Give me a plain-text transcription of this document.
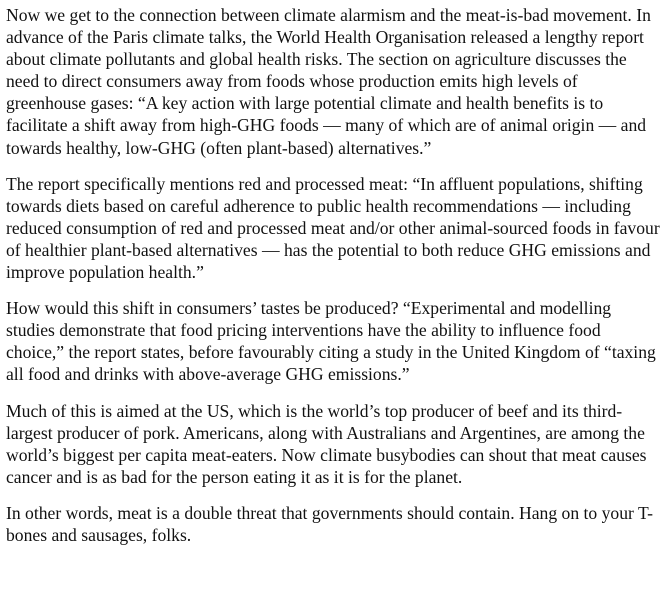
Now we get to the connection between climate alarmism and the meat-is-bad movement. In advance of the Paris climate talks, the World Health Organisation released a lengthy report about climate pollutants and global health risks. The section on agriculture discusses the need to direct consumers away from foods whose production emits high levels of greenhouse gases: “A key action with large potential climate and health benefits is to facilitate a shift away from high-GHG foods — many of which are of animal origin — and towards healthy, low-GHG (often plant-based) alternatives.”

The report specifically mentions red and processed meat: “In affluent populations, shifting towards diets based on careful adherence to public health recommendations — including reduced consumption of red and processed meat and/or other animal-sourced foods in favour of healthier plant-based alternatives — has the potential to both reduce GHG emissions and improve population health.”

How would this shift in consumers’ tastes be produced? “Experimental and modelling studies demonstrate that food pricing interventions have the ability to influence food choice,” the report states, before favourably citing a study in the United Kingdom of “taxing all food and drinks with above-average GHG emissions.”

Much of this is aimed at the US, which is the world’s top producer of beef and its third-largest producer of pork. Americans, along with Australians and Argentines, are among the world’s biggest per capita meat-eaters. Now climate busybodies can shout that meat causes cancer and is as bad for the person eating it as it is for the planet.

In other words, meat is a double threat that governments should contain. Hang on to your T-bones and sausages, folks.
